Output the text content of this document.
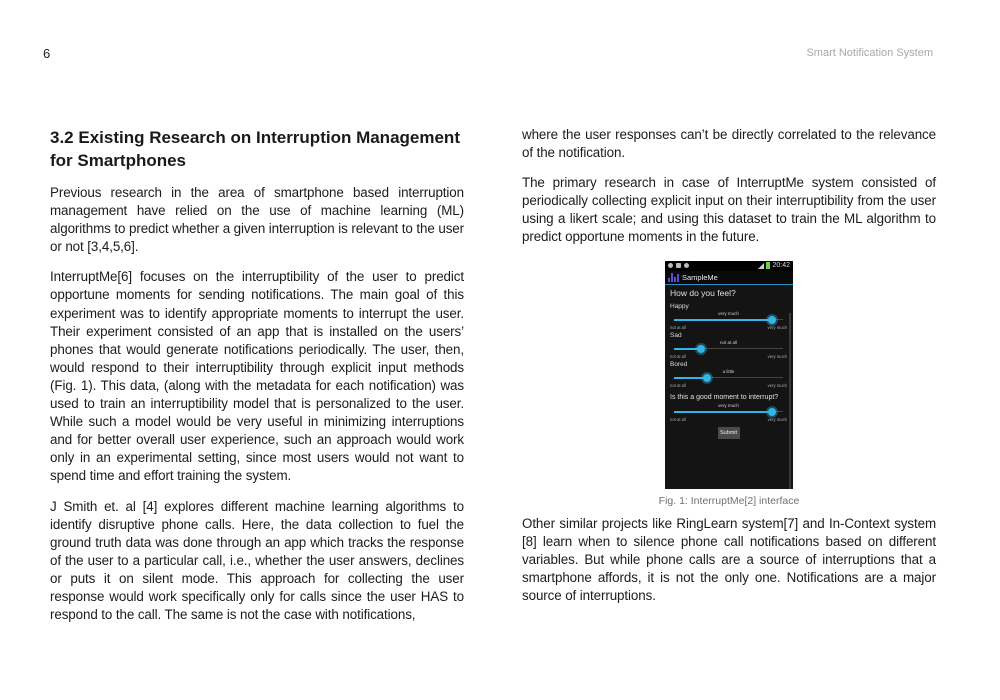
6	Smart Notification System
3.2 Existing Research on Interruption Management for Smartphones

Previous research in the area of smartphone based interruption management have relied on the use of machine learning (ML) algorithms to predict whether a given interruption is relevant to the user or not [3,4,5,6].

InterruptMe[6] focuses on the interruptibility of the user to predict opportune moments for sending notifications. The main goal of this experiment was to identify appropriate moments to interrupt the user. Their experiment consisted of an app that is installed on the users’ phones that would generate notifications periodically. The user, then, would respond to their interruptibility through explicit input methods (Fig. 1). This data, (along with the metadata for each notification) was used to train an interruptibility model that is personalized to the user. While such a model would be very useful in minimizing interruptions and for better overall user experience, such an approach would work only in an experimental setting, since most users would not want to spend time and effort training the system.

J Smith et. al [4] explores different machine learning algorithms to identify disruptive phone calls. Here, the data collection to fuel the ground truth data was done through an app which tracks the response of the user to a particular call, i.e., whether the user answers, declines or puts it on silent mode. This approach for collecting the user response would work specifically only for calls since the user HAS to respond to the call. The same is not the case with notifications,

where the user responses can’t be directly correlated to the relevance of the notification.

The primary research in case of InterruptMe system consisted of periodically collecting explicit input on their interruptibility from the user using a likert scale; and using this dataset to train the ML algorithm to predict opportune moments in the future.

20:42
SampleMe
How do you feel?
Happy
very much
not at all	very much
Sad
not at all
not at all	very much
Bored
a little
not at all	very much
Is this a good moment to interrupt?
very much
not at all	very much
Submit
Fig. 1: InterruptMe[2] interface

Other similar projects like RingLearn system[7] and In-Context system [8] learn when to silence phone call notifications based on different variables. But while phone calls are a source of interruptions that a smartphone affords, it is not the only one. Notifications are a major source of interruptions.
